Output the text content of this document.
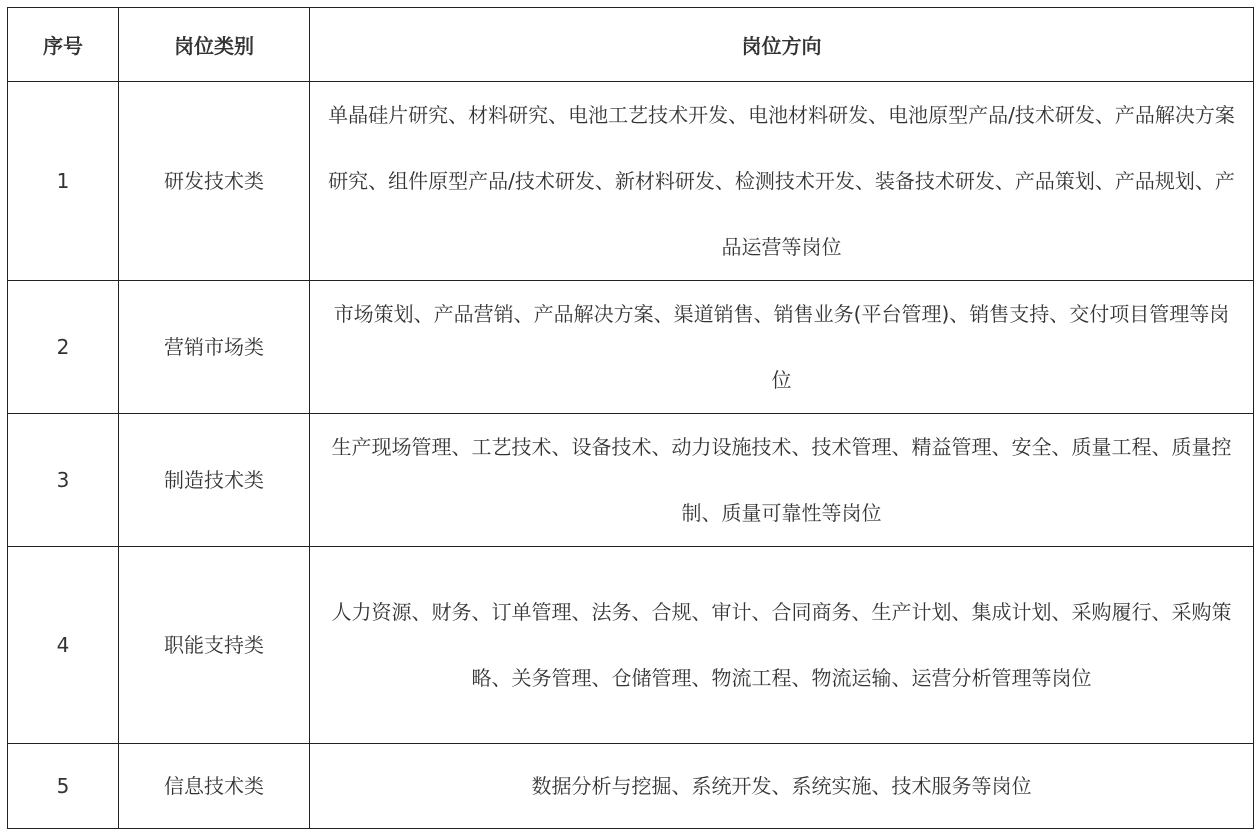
序号	岗位类别	岗位方向
1	研发技术类	单晶硅片研究、材料研究、电池工艺技术开发、电池材料研发、电池原型产品/技术研发、产品解决方案研究、组件原型产品/技术研发、新材料研发、检测技术开发、装备技术研发、产品策划、产品规划、产品运营等岗位
2	营销市场类	市场策划、产品营销、产品解决方案、渠道销售、销售业务(平台管理)、销售支持、交付项目管理等岗位
3	制造技术类	生产现场管理、工艺技术、设备技术、动力设施技术、技术管理、精益管理、安全、质量工程、质量控制、质量可靠性等岗位
4	职能支持类	人力资源、财务、订单管理、法务、合规、审计、合同商务、生产计划、集成计划、采购履行、采购策略、关务管理、仓储管理、物流工程、物流运输、运营分析管理等岗位
5	信息技术类	数据分析与挖掘、系统开发、系统实施、技术服务等岗位
